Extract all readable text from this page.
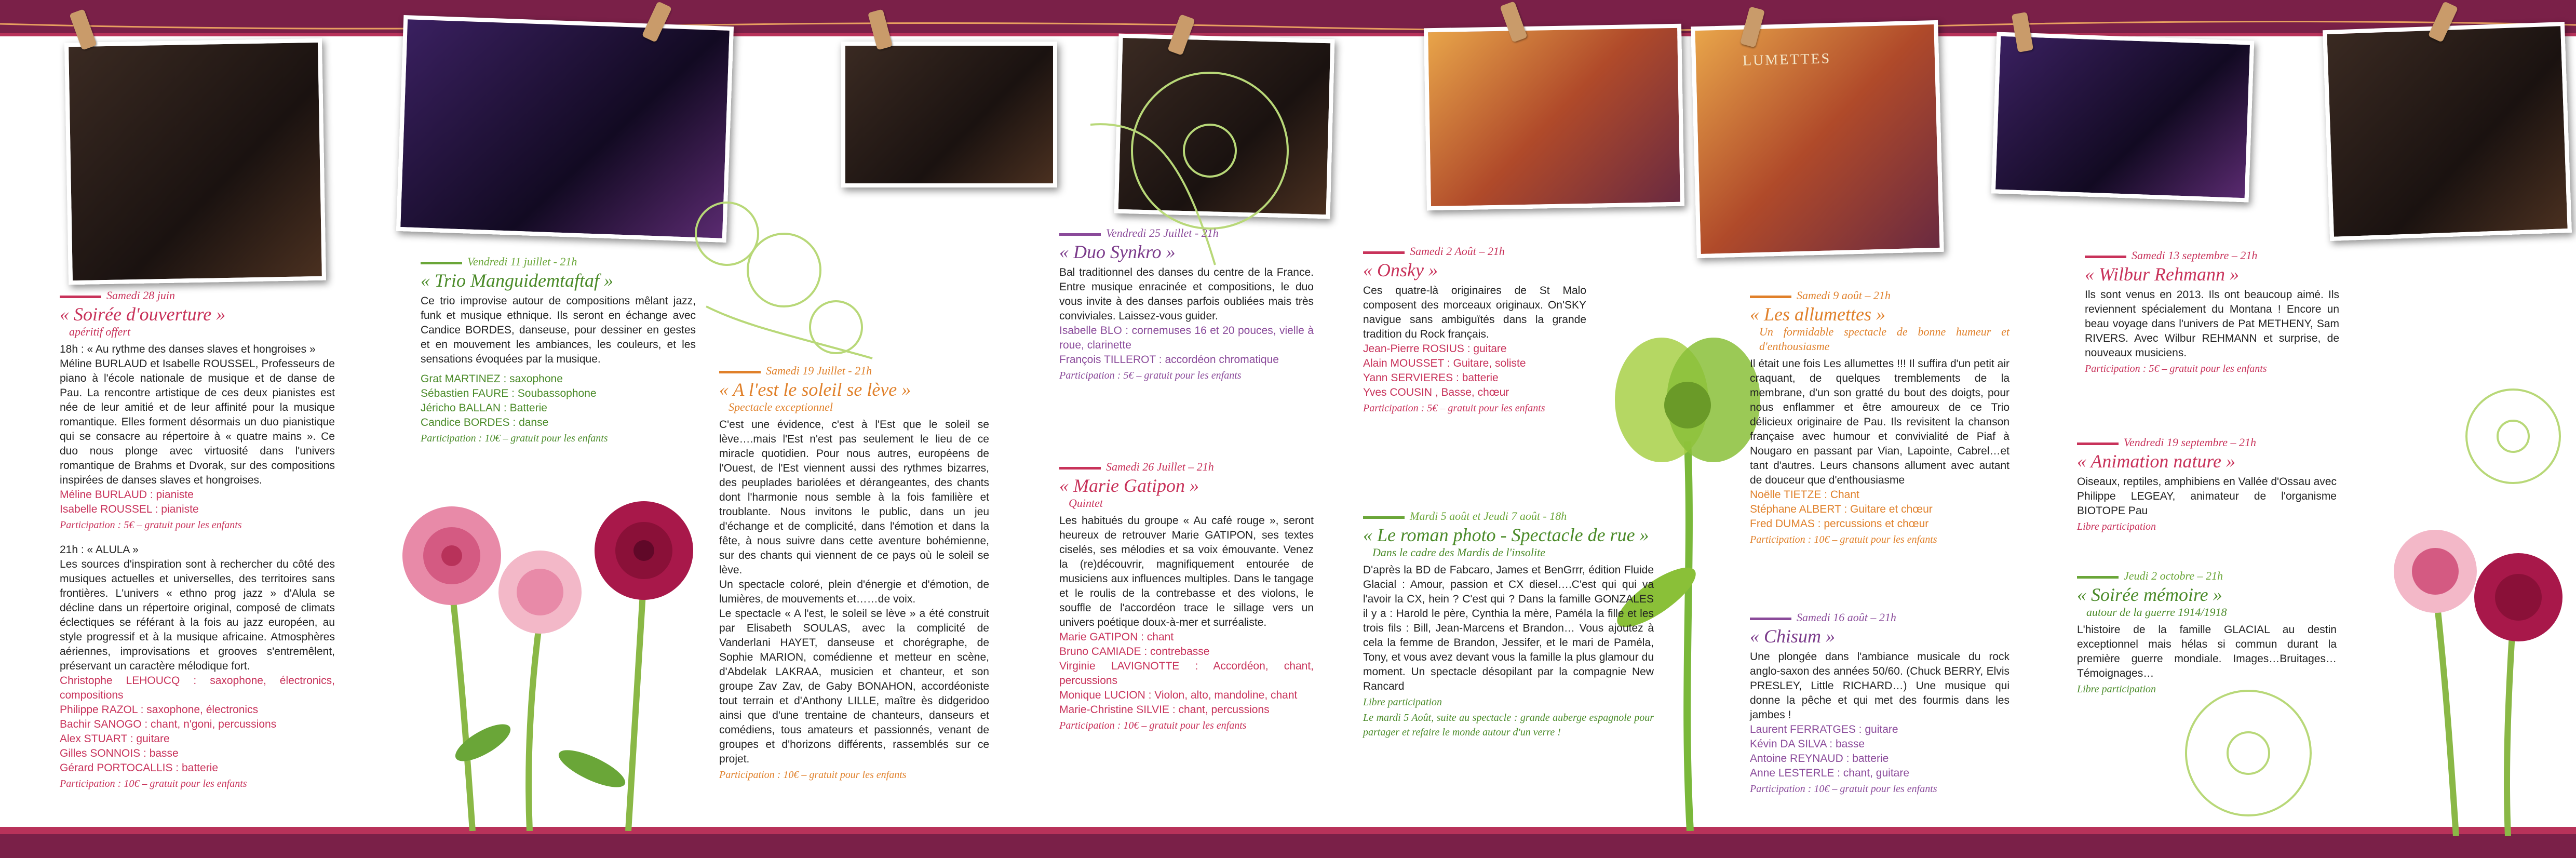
LUMETTES
Samedi 28 juin
« Soirée d'ouverture »
apéritif offert

18h : « Au rythme des danses slaves et hongroises »

Méline BURLAUD et Isabelle ROUSSEL, Professeurs de piano à l'école nationale de musique et de danse de Pau. La rencontre artistique de ces deux pianistes est née de leur amitié et de leur affinité pour la musique romantique. Elles forment désormais un duo pianistique qui se consacre au répertoire à « quatre mains ». Ce duo nous plonge avec virtuosité dans l'univers romantique de Brahms et Dvorak, sur des compositions inspirées de danses slaves et hongroises.

Méline BURLAUD : pianiste

Isabelle ROUSSEL : pianiste

Participation : 5€ – gratuit pour les enfants

21h : « ALULA »

Les sources d'inspiration sont à rechercher du côté des musiques actuelles et universelles, des territoires sans frontières. L'univers « ethno prog jazz » d'Alula se décline dans un répertoire original, composé de climats éclectiques se référant à la fois au jazz européen, au style progressif et à la musique africaine. Atmosphères aériennes, improvisations et grooves s'entremêlent, préservant un caractère mélodique fort.

Christophe LEHOUCQ : saxophone, électronics, compositions

Philippe RAZOL : saxophone, électronics

Bachir SANOGO : chant, n'goni, percussions

Alex STUART : guitare

Gilles SONNOIS : basse

Gérard PORTOCALLIS : batterie

Participation : 10€ – gratuit pour les enfants
Vendredi 11 juillet - 21h
« Trio Manguidemtaftaf »

Ce trio improvise autour de compositions mêlant jazz, funk et musique ethnique. Ils seront en échange avec Candice BORDES, danseuse, pour dessiner en gestes et en mouvement les ambiances, les couleurs, et les sensations évoquées par la musique.

Grat MARTINEZ : saxophone

Sébastien FAURE : Soubassophone

Jéricho BALLAN : Batterie

Candice BORDES : danse

Participation : 10€ – gratuit pour les enfants
Samedi 19 Juillet - 21h
« A l'est le soleil se lève »
Spectacle exceptionnel

C'est une évidence, c'est à l'Est que le soleil se lève….mais l'Est n'est pas seulement le lieu de ce miracle quotidien. Pour nous autres, européens de l'Ouest, de l'Est viennent aussi des rythmes bizarres, des peuplades bariolées et dérangeantes, des chants dont l'harmonie nous semble à la fois familière et troublante. Nous invitons le public, dans un jeu d'échange et de complicité, dans l'émotion et dans la fête, à nous suivre dans cette aventure bohémienne, sur des chants qui viennent de ce pays où le soleil se lève.

Un spectacle coloré, plein d'énergie et d'émotion, de lumières, de mouvements et……de voix.

Le spectacle « A l'est, le soleil se lève » a été construit par Elisabeth SOULAS, avec la complicité de Vanderlani HAYET, danseuse et chorégraphe, de Sophie MARION, comédienne et metteur en scène, d'Abdelak LAKRAA, musicien et chanteur, et son groupe Zav Zav, de Gaby BONAHON, accordéoniste tout terrain et d'Anthony LILLE, maître ès didgeridoo ainsi que d'une trentaine de chanteurs, danseurs et comédiens, tous amateurs et passionnés, venant de groupes et d'horizons différents, rassemblés sur ce projet.

Participation : 10€ – gratuit pour les enfants
Vendredi 25 Juillet - 21h
« Duo Synkro »

Bal traditionnel des danses du centre de la France. Entre musique enracinée et compositions, le duo vous invite à des danses parfois oubliées mais très conviviales. Laissez-vous guider.

Isabelle BLO : cornemuses 16 et 20 pouces, vielle à roue, clarinette

François TILLEROT : accordéon chromatique

Participation : 5€ – gratuit pour les enfants
Samedi 26 Juillet – 21h
« Marie Gatipon »
Quintet

Les habitués du groupe « Au café rouge », seront heureux de retrouver Marie GATIPON, ses textes ciselés, ses mélodies et sa voix émouvante. Venez la (re)découvrir, magnifiquement entourée de musiciens aux influences multiples. Dans le tangage et le roulis de la contrebasse et des violons, le souffle de l'accordéon trace le sillage vers un univers poétique doux-à-mer et surréaliste.

Marie GATIPON : chant

Bruno CAMIADE : contrebasse

Virginie LAVIGNOTTE : Accordéon, chant, percussions

Monique LUCION : Violon, alto, mandoline, chant

Marie-Christine SILVIE : chant, percussions

Participation : 10€ – gratuit pour les enfants
Samedi 2 Août – 21h
« Onsky »

Ces quatre-là originaires de St Malo composent des morceaux originaux. On'SKY navigue sans ambiguïtés dans la grande tradition du Rock français.

Jean-Pierre ROSIUS : guitare

Alain MOUSSET : Guitare, soliste

Yann SERVIERES : batterie

Yves COUSIN , Basse, chœur

Participation : 5€ – gratuit pour les enfants
Mardi 5 août et Jeudi 7 août - 18h
« Le roman photo - Spectacle de rue »
Dans le cadre des Mardis de l'insolite

D'après la BD de Fabcaro, James et BenGrrr, édition Fluide Glacial : Amour, passion et CX diesel….C'est qui qui va l'avoir la CX, hein ? C'est qui ? Dans la famille GONZALES il y a : Harold le père, Cynthia la mère, Paméla la fille et les trois fils : Bill, Jean-Marcens et Brandon… Vous ajoutez à cela la femme de Brandon, Jessifer, et le mari de Paméla, Tony, et vous avez devant vous la famille la plus glamour du moment. Un spectacle désopilant par la compagnie New Rancard

Libre participation
Le mardi 5 Août, suite au spectacle : grande auberge espagnole pour partager et refaire le monde autour d'un verre !
Samedi 9 août – 21h
« Les allumettes »
Un formidable spectacle de bonne humeur et d'enthousiasme

Il était une fois Les allumettes !!! Il suffira d'un petit air craquant, de quelques tremblements de la membrane, d'un son gratté du bout des doigts, pour nous enflammer et être amoureux de ce Trio délicieux originaire de Pau. Ils revisitent la chanson française avec humour et convivialité de Piaf à Nougaro en passant par Vian, Lapointe, Cabrel…et tant d'autres. Leurs chansons allument avec autant de douceur que d'enthousiasme

Noëlle TIETZE : Chant

Stéphane ALBERT : Guitare et chœur

Fred DUMAS : percussions et chœur

Participation : 10€ – gratuit pour les enfants
Samedi 16 août – 21h
« Chisum »

Une plongée dans l'ambiance musicale du rock anglo-saxon des années 50/60. (Chuck BERRY, Elvis PRESLEY, Little RICHARD…) Une musique qui donne la pêche et qui met des fourmis dans les jambes !

Laurent FERRATGES : guitare

Kévin DA SILVA : basse

Antoine REYNAUD : batterie

Anne LESTERLE : chant, guitare

Participation : 10€ – gratuit pour les enfants
Samedi 13 septembre – 21h
« Wilbur Rehmann »

Ils sont venus en 2013. Ils ont beaucoup aimé. Ils reviennent spécialement du Montana ! Encore un beau voyage dans l'univers de Pat METHENY, Sam RIVERS. Avec Wilbur REHMANN et surprise, de nouveaux musiciens.

Participation : 5€ – gratuit pour les enfants
Vendredi 19 septembre – 21h
« Animation nature »

Oiseaux, reptiles, amphibiens en Vallée d'Ossau avec Philippe LEGEAY, animateur de l'organisme BIOTOPE Pau

Libre participation
Jeudi 2 octobre – 21h
« Soirée mémoire »
autour de la guerre 1914/1918

L'histoire de la famille GLACIAL au destin exceptionnel mais hélas si commun durant la première guerre mondiale. Images…Bruitages…Témoignages…

Libre participation
